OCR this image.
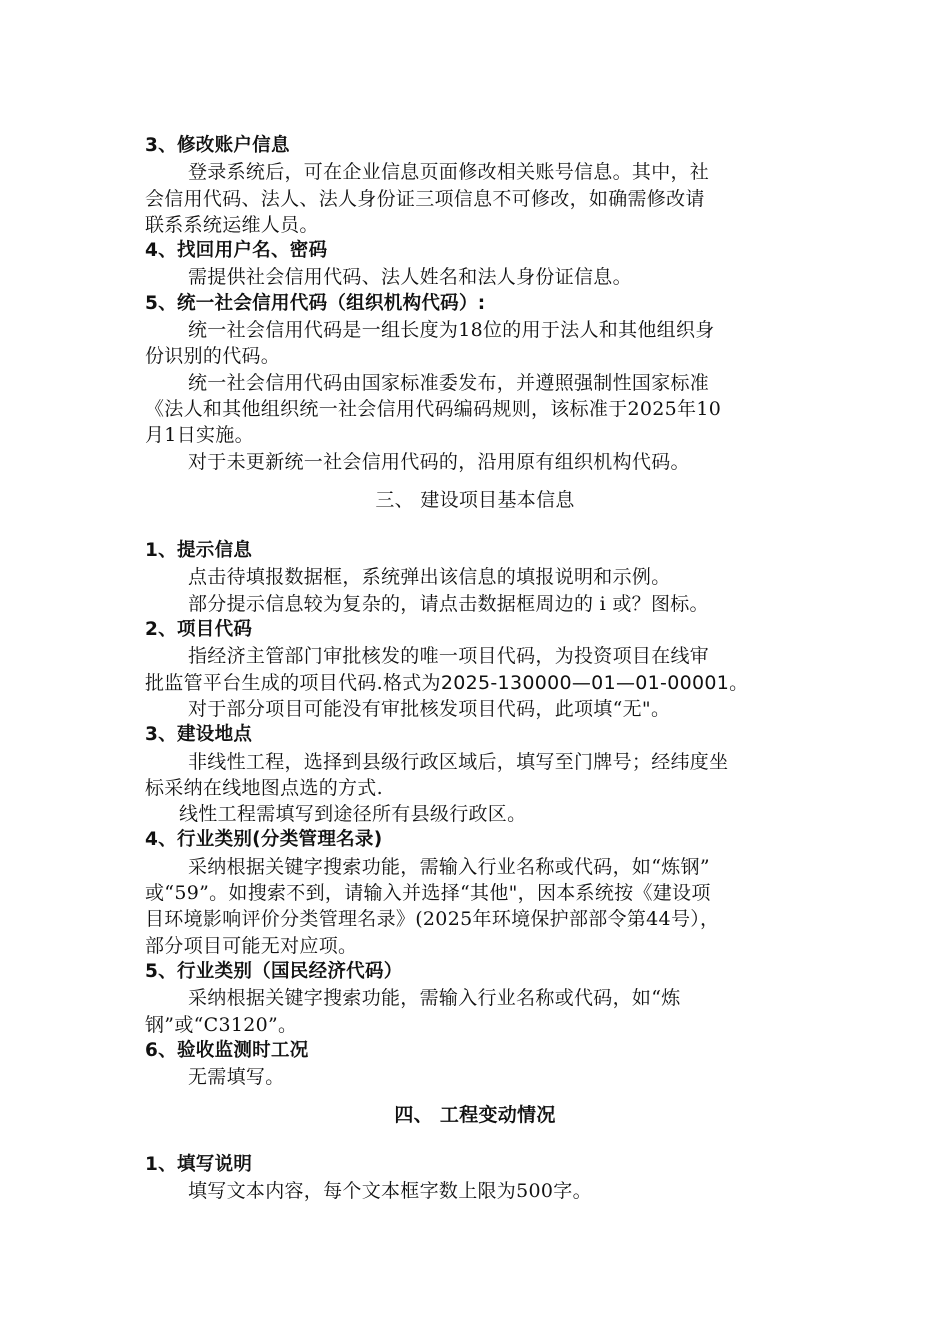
3、修改账户信息
登录系统后，可在企业信息页面修改相关账号信息。其中，社
会信用代码、法人、法人身份证三项信息不可修改，如确需修改请
联系系统运维人员。
4、找回用户名、密码
需提供社会信用代码、法人姓名和法人身份证信息。
5、统一社会信用代码（组织机构代码）:
统一社会信用代码是一组长度为18位的用于法人和其他组织身
份识别的代码。
统一社会信用代码由国家标准委发布，并遵照强制性国家标准
《法人和其他组织统一社会信用代码编码规则，该标准于2025年10
月1日实施。
对于未更新统一社会信用代码的，沿用原有组织机构代码。
三、 建设项目基本信息
1、提示信息
点击待填报数据框，系统弹出该信息的填报说明和示例。
部分提示信息较为复杂的，请点击数据框周边的 i 或？图标。
2、项目代码
指经济主管部门审批核发的唯一项目代码，为投资项目在线审
批监管平台生成的项目代码.格式为2025-130000—01—01-00001。
对于部分项目可能没有审批核发项目代码，此项填“无"。
3、建设地点
非线性工程，选择到县级行政区域后，填写至门牌号；经纬度坐
标采纳在线地图点选的方式.
线性工程需填写到途径所有县级行政区。
4、行业类别(分类管理名录)
采纳根据关键字搜索功能，需输入行业名称或代码，如“炼钢”
或“59”。如搜索不到，请输入并选择“其他"，因本系统按《建设项
目环境影响评价分类管理名录》(2025年环境保护部部令第44号），
部分项目可能无对应项。
5、行业类别（国民经济代码）
采纳根据关键字搜索功能，需输入行业名称或代码，如“炼
钢”或“C3120”。
6、验收监测时工况
无需填写。
四、 工程变动情况
1、填写说明
填写文本内容，每个文本框字数上限为500字。
